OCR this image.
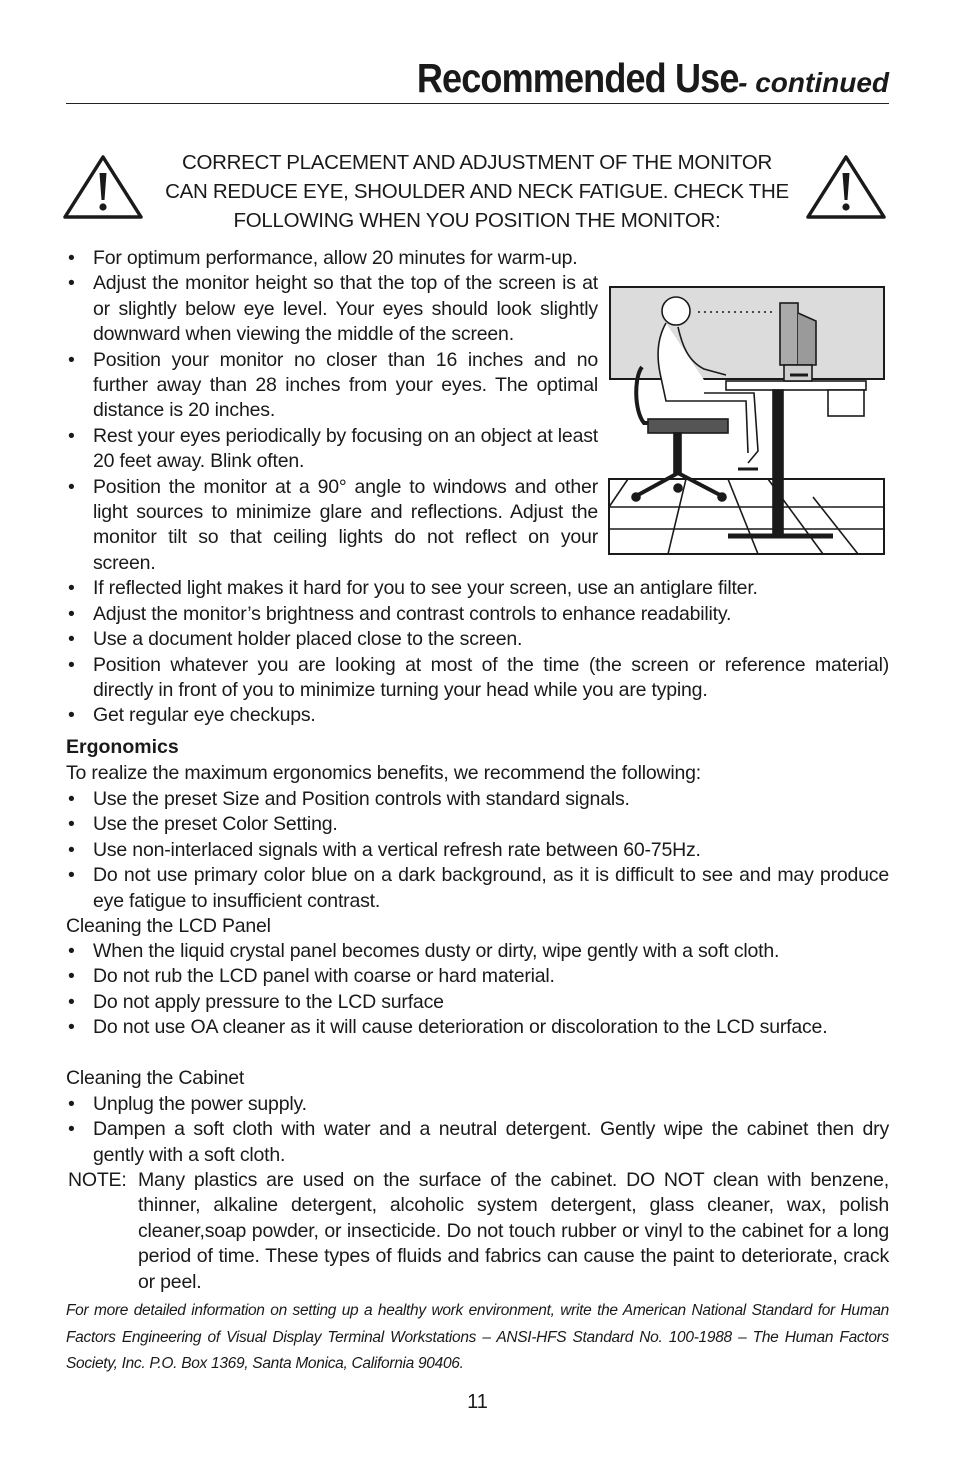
Recommended Use- continued

CORRECT PLACEMENT AND ADJUSTMENT OF THE MONITOR CAN REDUCE EYE, SHOULDER AND NECK FATIGUE. CHECK THE FOLLOWING WHEN YOU POSITION THE MONITOR:

• For optimum performance, allow 20 minutes for warm-up.
• Adjust the monitor height so that the top of the screen is at or slightly below eye level. Your eyes should look slightly downward when viewing the middle of the screen.
• Position your monitor no closer than 16 inches and no further away than 28 inches from your eyes. The optimal distance is 20 inches.
• Rest your eyes periodically by focusing on an object at least 20 feet away. Blink often.
• Position the monitor at a 90° angle to windows and other light sources to minimize glare and reflections. Adjust the monitor tilt so that ceiling lights do not reflect on your screen.
• If reflected light makes it hard for you to see your screen, use an antiglare filter.
• Adjust the monitor’s brightness and contrast controls to enhance readability.
• Use a document holder placed close to the screen.
• Position whatever you are looking at most of the time (the screen or reference material) directly in front of you to minimize turning your head while you are typing.
• Get regular eye checkups.
Ergonomics

To realize the maximum ergonomics benefits, we recommend the following:

• Use the preset Size and Position controls with standard signals.
• Use the preset Color Setting.
• Use non-interlaced signals with a vertical refresh rate between 60-75Hz.
• Do not use primary color blue on a dark background, as it is difficult to see and may produce eye fatigue to insufficient contrast.

Cleaning the LCD Panel

• When the liquid crystal panel becomes dusty or dirty, wipe gently with a soft cloth.
• Do not rub the LCD panel with coarse or hard material.
• Do not apply pressure to the LCD surface
• Do not use OA cleaner as it will cause deterioration or discoloration to the LCD surface.

Cleaning the Cabinet

• Unplug the power supply.
• Dampen a soft cloth with water and a neutral detergent. Gently wipe the cabinet then dry gently with a soft cloth.
NOTE: Many plastics are used on the surface of the cabinet. DO NOT clean with benzene, thinner, alkaline detergent, alcoholic system detergent, glass cleaner, wax, polish cleaner,soap powder, or insecticide. Do not touch rubber or vinyl to the cabinet for a long period of time. These types of fluids and fabrics can cause the paint to deteriorate, crack or peel.

For more detailed information on setting up a healthy work environment, write the American National Standard for Human Factors Engineering of Visual Display Terminal Workstations – ANSI-HFS Standard No. 100-1988 – The Human Factors Society, Inc. P.O. Box 1369, Santa Monica, California 90406.

11
